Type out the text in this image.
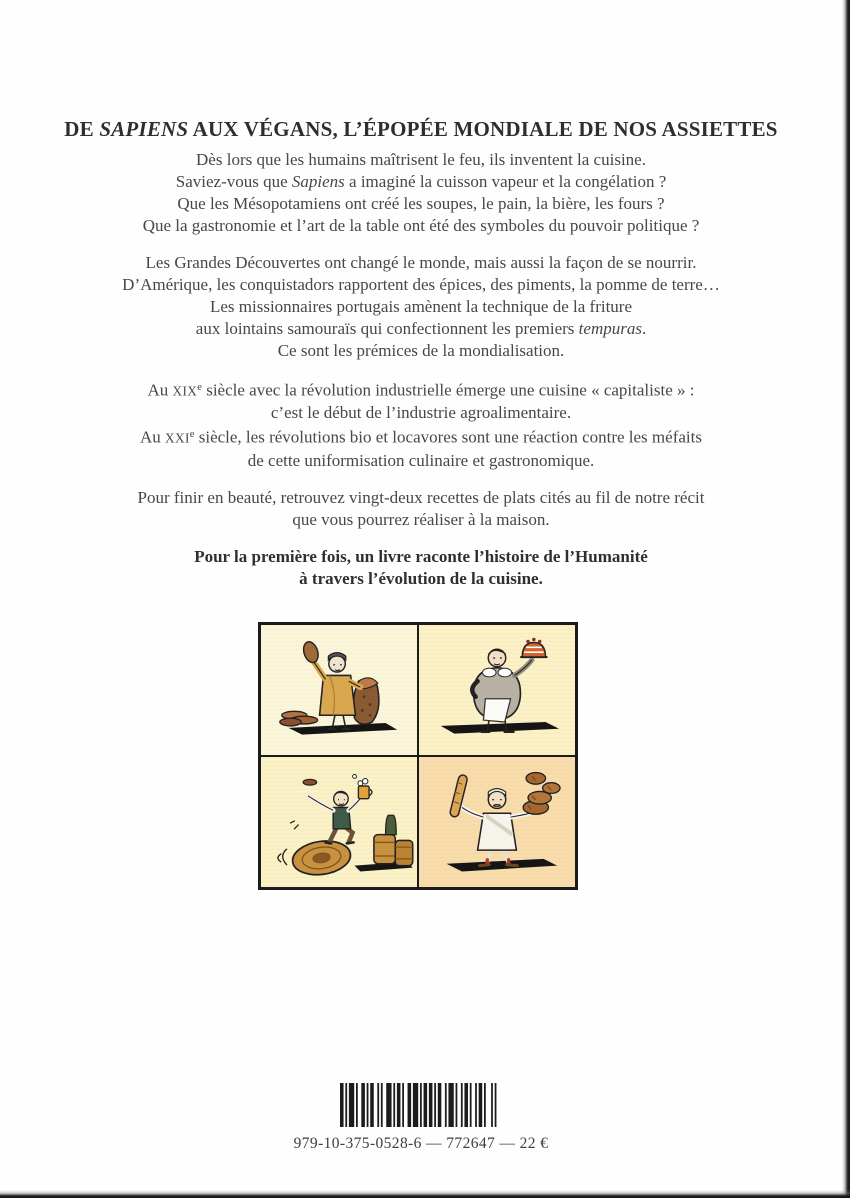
DE SAPIENS AUX VÉGANS, L’ÉPOPÉE MONDIALE DE NOS ASSIETTES

Dès lors que les humains maîtrisent le feu, ils inventent la cuisine.
Saviez-vous que Sapiens a imaginé la cuisson vapeur et la congélation ?
Que les Mésopotamiens ont créé les soupes, le pain, la bière, les fours ?
Que la gastronomie et l’art de la table ont été des symboles du pouvoir politique ?

Les Grandes Découvertes ont changé le monde, mais aussi la façon de se nourrir.
D’Amérique, les conquistadors rapportent des épices, des piments, la pomme de terre…
Les missionnaires portugais amènent la technique de la friture
aux lointains samouraïs qui confectionnent les premiers tempuras.
Ce sont les prémices de la mondialisation.

Au XIXe siècle avec la révolution industrielle émerge une cuisine « capitaliste » :
c’est le début de l’industrie agroalimentaire.
Au XXIe siècle, les révolutions bio et locavores sont une réaction contre les méfaits
de cette uniformisation culinaire et gastronomique.

Pour finir en beauté, retrouvez vingt-deux recettes de plats cités au fil de notre récit
que vous pourrez réaliser à la maison.

Pour la première fois, un livre raconte l’histoire de l’Humanité
à travers l’évolution de la cuisine.

979-10-375-0528-6 — 772647 — 22 €
